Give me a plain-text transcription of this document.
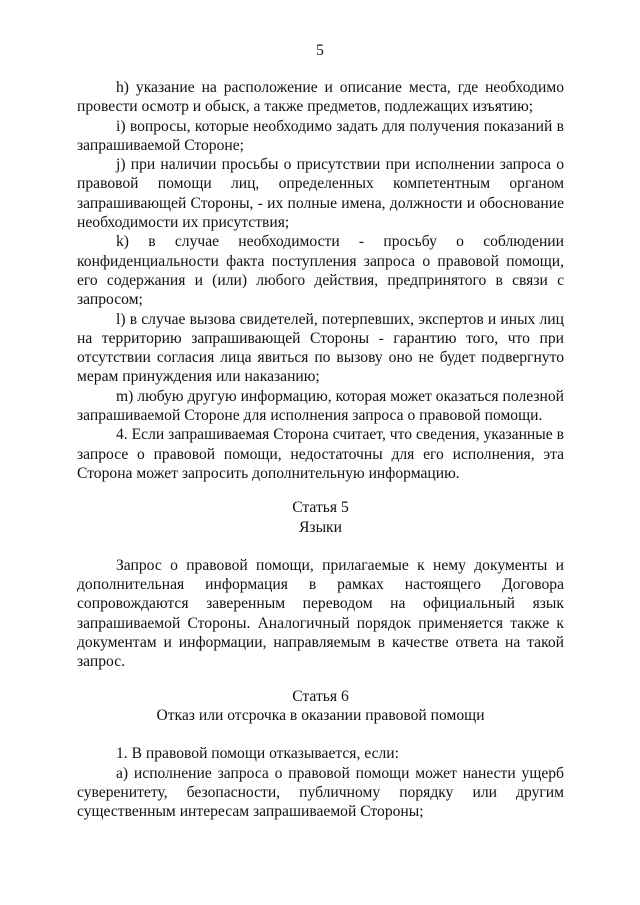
5

h) указание на расположение и описание места, где необходимо провести осмотр и обыск, а также предметов, подлежащих изъятию;

i) вопросы, которые необходимо задать для получения показаний в запрашиваемой Стороне;

j) при наличии просьбы о присутствии при исполнении запроса о правовой помощи лиц, определенных компетентным органом запрашивающей Стороны, - их полные имена, должности и обоснование необходимости их присутствия;

k) в случае необходимости - просьбу о соблюдении конфиденциальности факта поступления запроса о правовой помощи, его содержания и (или) любого действия, предпринятого в связи с запросом;

l) в случае вызова свидетелей, потерпевших, экспертов и иных лиц на территорию запрашивающей Стороны - гарантию того, что при отсутствии согласия лица явиться по вызову оно не будет подвергнуто мерам принуждения или наказанию;

m) любую другую информацию, которая может оказаться полезной запрашиваемой Стороне для исполнения запроса о правовой помощи.

4. Если запрашиваемая Сторона считает, что сведения, указанные в запросе о правовой помощи, недостаточны для его исполнения, эта Сторона может запросить дополнительную информацию.

Статья 5

Языки

Запрос о правовой помощи, прилагаемые к нему документы и дополнительная информация в рамках настоящего Договора сопровождаются заверенным переводом на официальный язык запрашиваемой Стороны. Аналогичный порядок применяется также к документам и информации, направляемым в качестве ответа на такой запрос.

Статья 6

Отказ или отсрочка в оказании правовой помощи

1. В правовой помощи отказывается, если:

а) исполнение запроса о правовой помощи может нанести ущерб суверенитету, безопасности, публичному порядку или другим существенным интересам запрашиваемой Стороны;
